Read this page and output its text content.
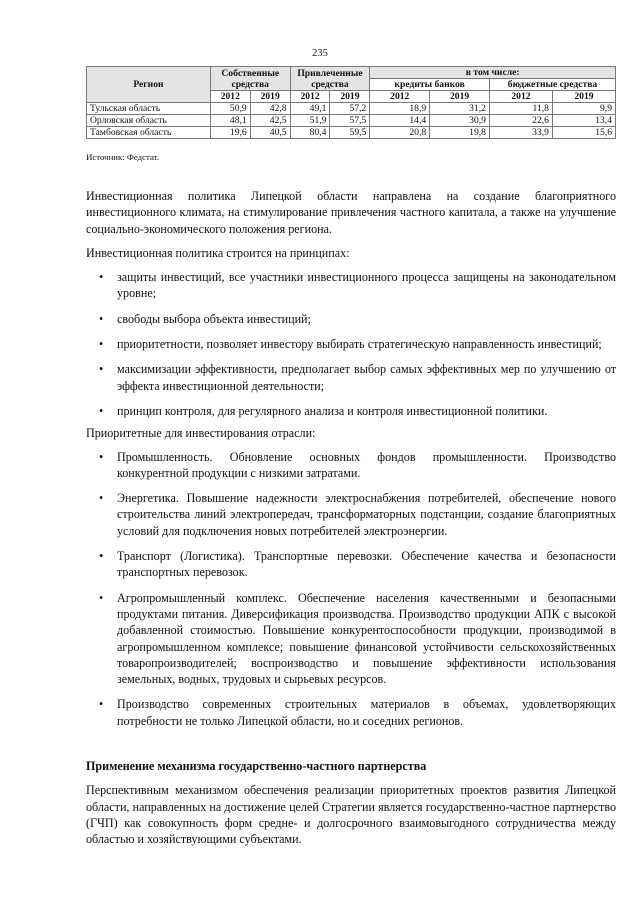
235
Регион	Собственные средства		Привлеченные средства		в том числе:			
					кредиты банков		бюджетные средства	
	2012	2019	2012	2019	2012	2019	2012	2019
Тульская область	50,9	42,8	49,1	57,2	18,9	31,2	11,8	9,9
Орловская область	48,1	42,5	51,9	57,5	14,4	30,9	22,6	13,4
Тамбовская область	19,6	40,5	80,4	59,5	20,8	19,8	33,9	15,6
Источник: Федстат.

Инвестиционная политика Липецкой области направлена на создание благоприятного инвестиционного климата, на стимулирование привлечения частного капитала, а также на улучшение социально-экономического положения региона.

Инвестиционная политика строится на принципах:

• защиты инвестиций, все участники инвестиционного процесса защищены на законодательном уровне;
• свободы выбора объекта инвестиций;
• приоритетности, позволяет инвестору выбирать стратегическую направленность инвестиций;
• максимизации эффективности, предполагает выбор самых эффективных мер по улучшению от эффекта инвестиционной деятельности;
• принцип контроля, для регулярного анализа и контроля инвестиционной политики.

Приоритетные для инвестирования отрасли:

• Промышленность. Обновление основных фондов промышленности. Производство конкурентной продукции с низкими затратами.
• Энергетика. Повышение надежности электроснабжения потребителей, обеспечение нового строительства линий электропередач, трансформаторных подстанции, создание благоприятных условий для подключения новых потребителей электроэнергии.
• Транспорт (Логистика). Транспортные перевозки. Обеспечение качества и безопасности транспортных перевозок.
• Агропромышленный комплекс. Обеспечение населения качественными и безопасными продуктами питания. Диверсификация производства. Производство продукции АПК с высокой добавленной стоимостью. Повышение конкурентоспособности продукции, производимой в агропромышленном комплексе; повышение финансовой устойчивости сельскохозяйственных товаропроизводителей; воспроизводство и повышение эффективности использования земельных, водных, трудовых и сырьевых ресурсов.
• Производство современных строительных материалов в объемах, удовлетворяющих потребности не только Липецкой области, но и соседних регионов.

Применение механизма государственно-частного партнерства

Перспективным механизмом обеспечения реализации приоритетных проектов развития Липецкой области, направленных на достижение целей Стратегии является государственно-частное партнерство (ГЧП) как совокупность форм средне- и долгосрочного взаимовыгодного сотрудничества между областью и хозяйствующими субъектами.
